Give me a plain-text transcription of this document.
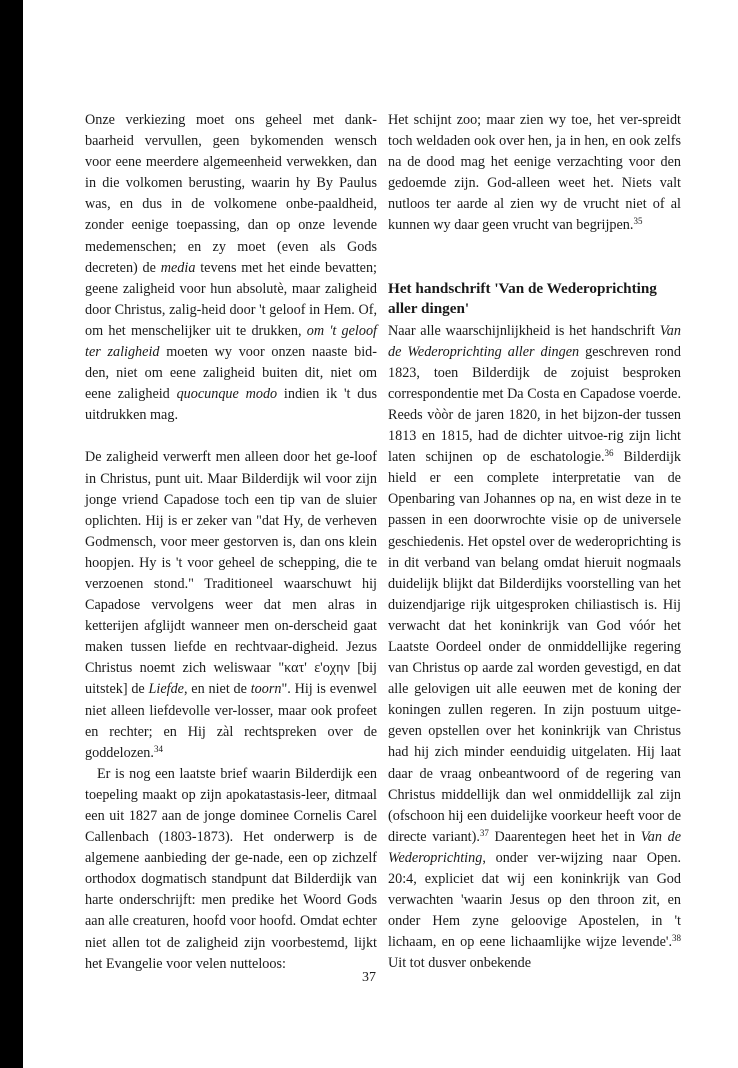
Onze verkiezing moet ons geheel met dank-baarheid vervullen, geen bykomenden wensch voor eene meerdere algemeenheid verwekken, dan in die volkomen berusting, waarin hy By Paulus was, en dus in de volkomene onbe-paaldheid, zonder eenige toepassing, dan op onze levende medemenschen; en zy moet (even als Gods decreten) de media tevens met het einde bevatten; geene zaligheid voor hun absolutè, maar zaligheid door Christus, zalig-heid door 't geloof in Hem. Of, om het menschelijker uit te drukken, om 't geloof ter zaligheid moeten wy voor onzen naaste bid-den, niet om eene zaligheid buiten dit, niet om eene zaligheid quocunque modo indien ik 't dus uitdrukken mag.

De zaligheid verwerft men alleen door het ge-loof in Christus, punt uit. Maar Bilderdijk wil voor zijn jonge vriend Capadose toch een tip van de sluier oplichten. Hij is er zeker van "dat Hy, de verheven Godmensch, voor meer gestorven is, dan ons klein hoopjen. Hy is 't voor geheel de schepping, die te verzoenen stond." Traditioneel waarschuwt hij Capadose vervolgens weer dat men alras in ketterijen afglijdt wanneer men on-derscheid gaat maken tussen liefde en rechtvaar-digheid. Jezus Christus noemt zich weliswaar "κατ' ε'οχην [bij uitstek] de Liefde, en niet de toorn". Hij is evenwel niet alleen liefdevolle ver-losser, maar ook profeet en rechter; en Hij zàl rechtspreken over de goddelozen.$^{34}$

Er is nog een laatste brief waarin Bilderdijk een toepeling maakt op zijn apokatastasis-leer, ditmaal een uit 1827 aan de jonge dominee Cornelis Carel Callenbach (1803-1873). Het onderwerp is de algemene aanbieding der ge-nade, een op zichzelf orthodox dogmatisch standpunt dat Bilderdijk van harte onderschrijft: men predike het Woord Gods aan alle creaturen, hoofd voor hoofd. Omdat echter niet allen tot de zaligheid zijn voorbestemd, lijkt het Evangelie voor velen nutteloos:

Het schijnt zoo; maar zien wy toe, het ver-spreidt toch weldaden ook over hen, ja in hen, en ook zelfs na de dood mag het eenige verzachting voor den gedoemde zijn. God-alleen weet het. Niets valt nutloos ter aarde al zien wy de vrucht niet of al kunnen wy daar geen vrucht van begrijpen.$^{35}$

Het handschrift 'Van de Wederoprichting aller dingen'

Naar alle waarschijnlijkheid is het handschrift Van de Wederoprichting aller dingen geschreven rond 1823, toen Bilderdijk de zojuist besproken correspondentie met Da Costa en Capadose voerde. Reeds vòòr de jaren 1820, in het bijzon-der tussen 1813 en 1815, had de dichter uitvoe-rig zijn licht laten schijnen op de eschatologie.$^{36}$ Bilderdijk hield er een complete interpretatie van de Openbaring van Johannes op na, en wist deze in te passen in een doorwrochte visie op de universele geschiedenis. Het opstel over de wederoprichting is in dit verband van belang omdat hieruit nogmaals duidelijk blijkt dat Bilderdijks voorstelling van het duizendjarige rijk uitgesproken chiliastisch is. Hij verwacht dat het koninkrijk van God vóór het Laatste Oordeel onder de onmiddellijke regering van Christus op aarde zal worden gevestigd, en dat alle gelovigen uit alle eeuwen met de koning der koningen zullen regeren. In zijn postuum uitge-geven opstellen over het koninkrijk van Christus had hij zich minder eenduidig uitgelaten. Hij laat daar de vraag onbeantwoord of de regering van Christus middellijk dan wel onmiddellijk zal zijn (ofschoon hij een duidelijke voorkeur heeft voor de directe variant).$^{37}$ Daarentegen heet het in Van de Wederoprichting, onder ver-wijzing naar Open. 20:4, expliciet dat wij een koninkrijk van God verwachten 'waarin Jesus op den throon zit, en onder Hem zyne geloovige Apostelen, in 't lichaam, en op eene lichaamlijke wijze levende'.$^{38}$ Uit tot dusver onbekende

37
